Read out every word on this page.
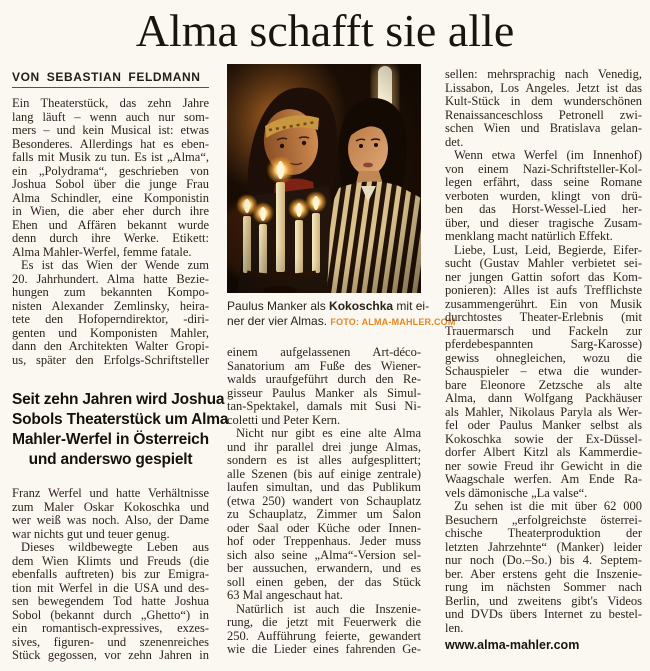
Alma schafft sie alle
VON SEBASTIAN FELDMANN
Ein Theaterstück, das zehn Jahre
lang läuft – wenn auch nur som-
mers – und kein Musical ist: etwas
Besonderes. Allerdings hat es eben-
falls mit Musik zu tun. Es ist „Alma“,
ein „Polydrama“, geschrieben von
Joshua Sobol über die junge Frau
Alma Schindler, eine Komponistin
in Wien, die aber eher durch ihre
Ehen und Affären bekannt wurde
denn durch ihre Werke. Etikett:
Alma Mahler-Werfel, femme fatale.
Es ist das Wien der Wende zum
20. Jahrhundert. Alma hatte Bezie-
hungen zum bekannten Kompo-
nisten Alexander Zemlinsky, heira-
tete den Hofoperndirektor, -diri-
genten und Komponisten Mahler,
dann den Architekten Walter Gropi-
us, später den Erfolgs-Schriftsteller
Seit zehn Jahren wird Joshua
Sobols Theaterstück um Alma
Mahler-Werfel in Österreich
und anderswo gespielt
Franz Werfel und hatte Verhältnisse
zum Maler Oskar Kokoschka und
wer weiß was noch. Also, der Dame
war nichts gut und teuer genug.
Dieses wildbewegte Leben aus
dem Wien Klimts und Freuds (die
ebenfalls auftreten) bis zur Emigra-
tion mit Werfel in die USA und des-
sen bewegendem Tod hatte Joshua
Sobol (bekannt durch „Ghetto“) in
ein romantisch-expressives, exzes-
sives, figuren- und szenenreiches
Stück gegossen, vor zehn Jahren in
Paulus Manker als Kokoschka mit ei-
ner der vier Almas. FOTO: ALMA-MAHLER.COM
einem aufgelassenen Art-déco-
Sanatorium am Fuße des Wiener-
walds uraufgeführt durch den Re-
gisseur Paulus Manker als Simul-
tan-Spektakel, damals mit Susi Ni-
coletti und Peter Kern.
Nicht nur gibt es eine alte Alma
und ihr parallel drei junge Almas,
sondern es ist alles aufgesplittert;
alle Szenen (bis auf einige zentrale)
laufen simultan, und das Publikum
(etwa 250) wandert von Schauplatz
zu Schauplatz, Zimmer um Salon
oder Saal oder Küche oder Innen-
hof oder Treppenhaus. Jeder muss
sich also seine „Alma“-Version sel-
ber aussuchen, erwandern, und es
soll einen geben, der das Stück
63 Mal angeschaut hat.
Natürlich ist auch die Inszenie-
rung, die jetzt mit Feuerwerk die
250. Aufführung feierte, gewandert
wie die Lieder eines fahrenden Ge-
sellen: mehrsprachig nach Venedig,
Lissabon, Los Angeles. Jetzt ist das
Kult-Stück in dem wunderschönen
Renaissanceschloss Petronell zwi-
schen Wien und Bratislava gelan-
det.
Wenn etwa Werfel (im Innenhof)
von einem Nazi-Schriftsteller-Kol-
legen erfährt, dass seine Romane
verboten wurden, klingt von drü-
ben das Horst-Wessel-Lied her-
über, und dieser tragische Zusam-
menklang macht natürlich Effekt.
Liebe, Lust, Leid, Begierde, Eifer-
sucht (Gustav Mahler verbietet sei-
ner jungen Gattin sofort das Kom-
ponieren): Alles ist aufs Trefflichste
zusammengerührt. Ein von Musik
durchtostes Theater-Erlebnis (mit
Trauermarsch und Fackeln zur
pferdebespannten Sarg-Karosse)
gewiss ohnegleichen, wozu die
Schauspieler – etwa die wunder-
bare Eleonore Zetzsche als alte
Alma, dann Wolfgang Packhäuser
als Mahler, Nikolaus Paryla als Wer-
fel oder Paulus Manker selbst als
Kokoschka sowie der Ex-Düssel-
dorfer Albert Kitzl als Kammerdie-
ner sowie Freud ihr Gewicht in die
Waagschale werfen. Am Ende Ra-
vels dämonische „La valse“.
Zu sehen ist die mit über 62 000
Besuchern „erfolgreichste österrei-
chische Theaterproduktion der
letzten Jahrzehnte“ (Manker) leider
nur noch (Do.–So.) bis 4. Septem-
ber. Aber erstens geht die Inszenie-
rung im nächsten Sommer nach
Berlin, und zweitens gibt's Videos
und DVDs übers Internet zu bestel-
len.
www.alma-mahler.com
